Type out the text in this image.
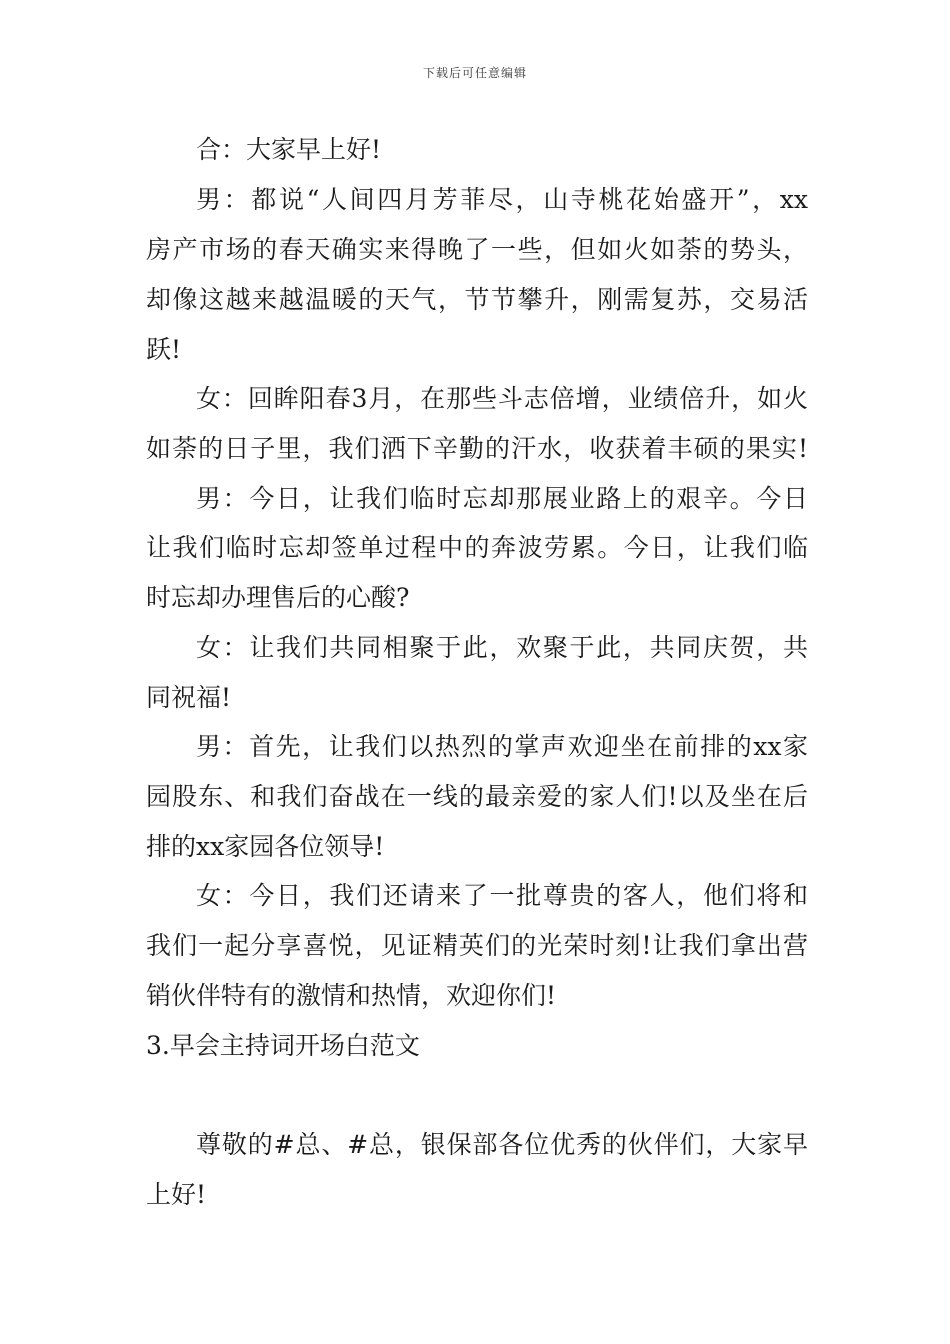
下载后可任意编辑
合：大家早上好!
男：都说“人间四月芳菲尽，山寺桃花始盛开”，xx
房产市场的春天确实来得晚了一些，但如火如荼的势头，
却像这越来越温暖的天气，节节攀升，刚需复苏，交易活
跃!
女：回眸阳春3月，在那些斗志倍增，业绩倍升，如火
如荼的日子里，我们洒下辛勤的汗水，收获着丰硕的果实!
男：今日，让我们临时忘却那展业路上的艰辛。今日
让我们临时忘却签单过程中的奔波劳累。今日，让我们临
时忘却办理售后的心酸?
女：让我们共同相聚于此，欢聚于此，共同庆贺，共
同祝福!
男：首先，让我们以热烈的掌声欢迎坐在前排的xx家
园股东、和我们奋战在一线的最亲爱的家人们!以及坐在后
排的xx家园各位领导!
女：今日，我们还请来了一批尊贵的客人，他们将和
我们一起分享喜悦，见证精英们的光荣时刻!让我们拿出营
销伙伴特有的激情和热情，欢迎你们!
3.早会主持词开场白范文
尊敬的#总、#总，银保部各位优秀的伙伴们，大家早
上好!
